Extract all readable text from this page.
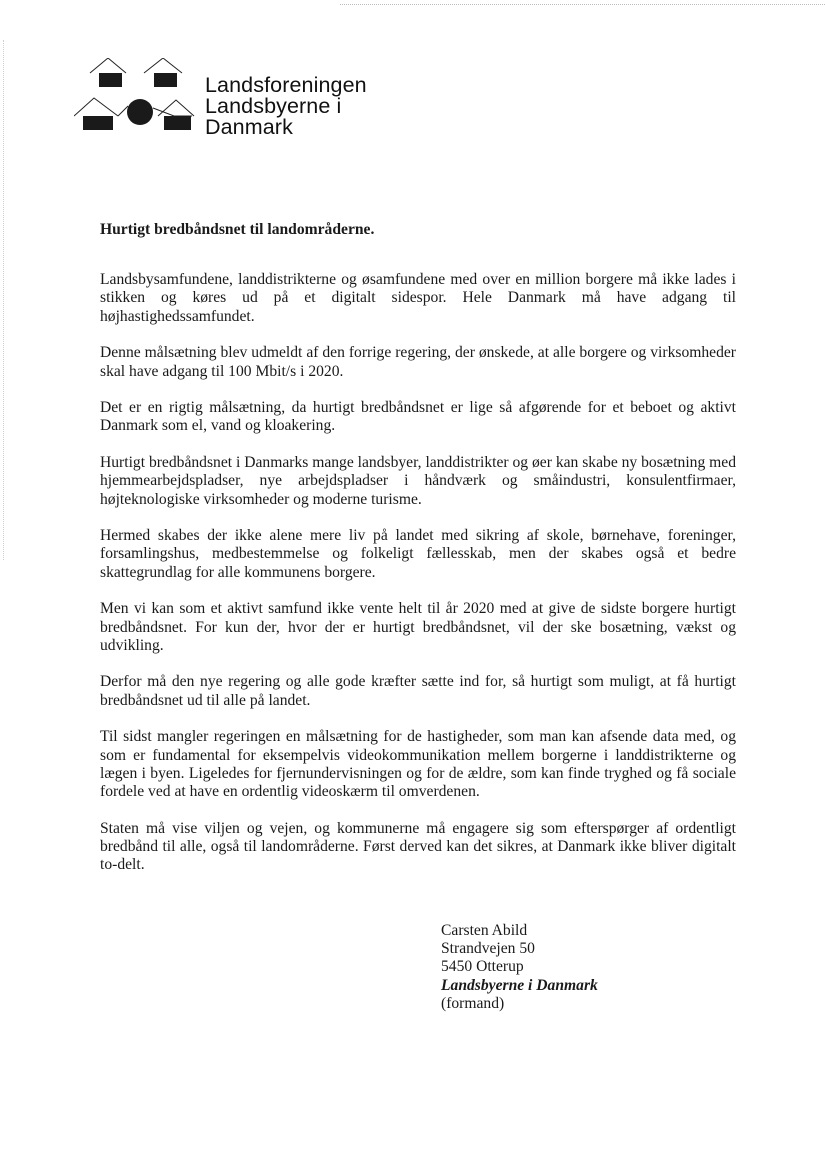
Landsforeningen
Landsbyerne i
Danmark
Hurtigt bredbåndsnet til landområderne.

Landsbysamfundene, landdistrikterne og øsamfundene med over en million borgere må ikke lades i stikken og køres ud på et digitalt sidespor. Hele Danmark må have adgang til højhastighedssamfundet.

Denne målsætning blev udmeldt af den forrige regering, der ønskede, at alle borgere og virksomheder skal have adgang til 100 Mbit/s i 2020.

Det er en rigtig målsætning, da hurtigt bredbåndsnet er lige så afgørende for et beboet og aktivt Danmark som el, vand og kloakering.

Hurtigt bredbåndsnet i Danmarks mange landsbyer, landdistrikter og øer kan skabe ny bosætning med hjemmearbejdspladser, nye arbejdspladser i håndværk og småindustri, konsulentfirmaer, højteknologiske virksomheder og moderne turisme.

Hermed skabes der ikke alene mere liv på landet med sikring af skole, børnehave, foreninger, forsamlingshus, medbestemmelse og folkeligt fællesskab, men der skabes også et bedre skattegrundlag for alle kommunens borgere.

Men vi kan som et aktivt samfund ikke vente helt til år 2020 med at give de sidste borgere hurtigt bredbåndsnet. For kun der, hvor der er hurtigt bredbåndsnet, vil der ske bosætning, vækst og udvikling.

Derfor må den nye regering og alle gode kræfter sætte ind for, så hurtigt som muligt, at få hurtigt bredbåndsnet ud til alle på landet.

Til sidst mangler regeringen en målsætning for de hastigheder, som man kan afsende data med, og som er fundamental for eksempelvis videokommunikation mellem borgerne i landdistrikterne og lægen i byen. Ligeledes for fjernundervisningen og for de ældre, som kan finde tryghed og få sociale fordele ved at have en ordentlig videoskærm til omverdenen.

Staten må vise viljen og vejen, og kommunerne må engagere sig som efterspørger af ordentligt bredbånd til alle, også til landområderne. Først derved kan det sikres, at Danmark ikke bliver digitalt to-delt.

Carsten Abild
Strandvejen 50
5450 Otterup
Landsbyerne i Danmark
(formand)
